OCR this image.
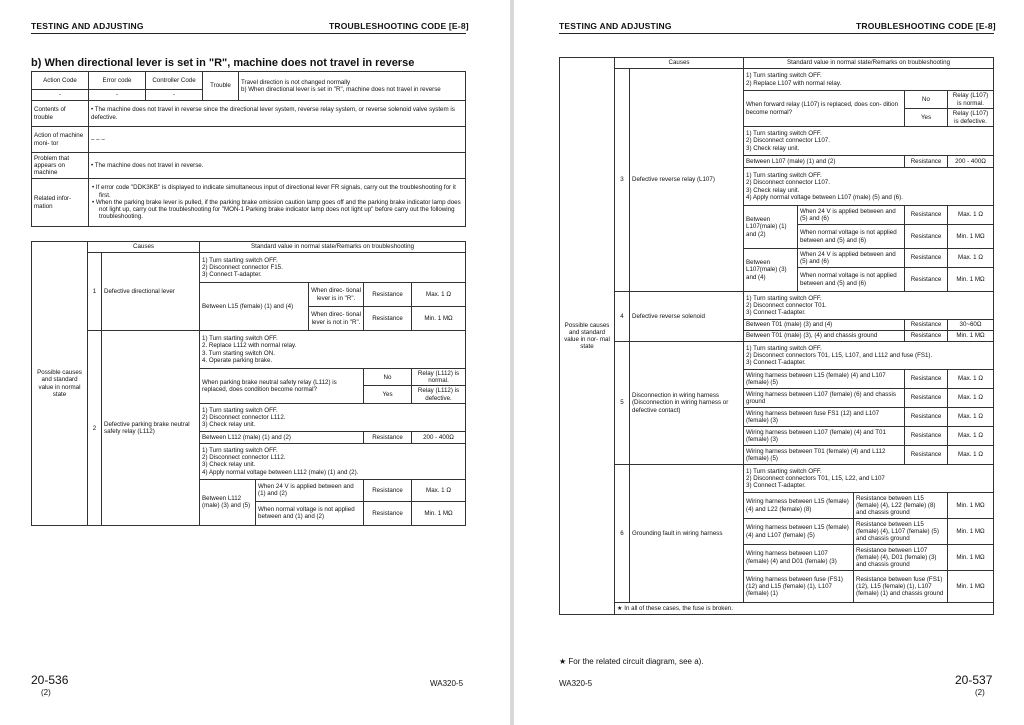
TESTING AND ADJUSTING	TROUBLESHOOTING CODE [E-8]
b) When directional lever is set in "R", machine does not travel in reverse
Action Code	Error code	Controller Code	Trouble	Travel direction is not changed normally
b) When directional lever is set in "R", machine does not travel in reverse
-	-	-		
Contents of trouble	• The machine does not travel in reverse since the directional lever system, reverse relay system, or reverse solenoid valve system is defective.			
Action of machine moni- tor	– – –			
Problem that appears on machine	• The machine does not travel in reverse.			
Related infor- mation	• If error code "DDK3KB" is displayed to indicate simultaneous input of directional lever FR signals, carry out the troubleshooting for it first.
• When the parking brake lever is pulled, if the parking brake omission caution lamp goes off and the parking brake indicator lamp does not light up, carry out the troubleshooting for "MON-1 Parking brake indicator lamp does not light up" before carry out the following troubleshooting.			
Possible causes and standard value in normal state	Causes		Standard value in normal state/Remarks on troubleshooting				
	1	Defective directional lever	1) Turn starting switch OFF.
2) Disconnect connector F15.
3) Connect T-adapter.				
			Between L15 (female) (1) and (4)		When direc- tional lever is in "R".	Resistance	Max. 1 Ω
					When direc- tional lever is not in "R".	Resistance	Min. 1 MΩ
	2	Defective parking brake neutral safety relay (L112)	1) Turn starting switch OFF.
2. Replace L112 with normal relay.
3. Turn starting switch ON.
4. Operate parking brake.				
			When parking brake neutral safety relay (L112) is replaced, does condition become normal?			No	Relay (L112) is normal.
						Yes	Relay (L112) is defective.
			1) Turn starting switch OFF.
2) Disconnect connector L112.
3) Check relay unit.				
			Between L112 (male) (1) and (2)			Resistance	200 - 400Ω
			1) Turn starting switch OFF.
2) Disconnect connector L112.
3) Check relay unit.
4) Apply normal voltage between L112 (male) (1) and (2).				
			Between L112 (male) (3) and (5)	When 24 V is applied between and (1) and (2)		Resistance	Max. 1 Ω
				When normal voltage is not applied between and (1) and (2)		Resistance	Min. 1 MΩ

20-536
(2)
WA320-5
TESTING AND ADJUSTING	TROUBLESHOOTING CODE [E-8]
Possible causes and standard value in nor- mal state	Causes		Standard value in normal state/Remarks on troubleshooting				
	3	Defective reverse relay (L107)	1) Turn starting switch OFF.
2) Replace L107 with normal relay.				
			When forward relay (L107) is replaced, does con- dition become normal?			No	Relay (L107) is normal.
						Yes	Relay (L107) is defective.
			1) Turn starting switch OFF.
2) Disconnect connector L107.
3) Check relay unit.				
			Between L107 (male) (1) and (2)			Resistance	200 - 400Ω
			1) Turn starting switch OFF.
2) Disconnect connector L107.
3) Check relay unit.
4) Apply normal voltage between L107 (male) (5) and (6).				
			Between L107(male) (1) and (2)	When 24 V is applied between and (5) and (6)		Resistance	Max. 1 Ω
				When normal voltage is not applied between and (5) and (6)		Resistance	Min. 1 MΩ
			Between L107(male) (3) and (4)	When 24 V is applied between and (5) and (6)		Resistance	Max. 1 Ω
				When normal voltage is not applied between and (5) and (6)		Resistance	Min. 1 MΩ
	4	Defective reverse solenoid	1) Turn starting switch OFF.
2) Disconnect connector T01.
3) Connect T-adapter.				
			Between T01 (male) (3) and (4)			Resistance	30~60Ω
			Between T01 (male) (3), (4) and chassis ground			Resistance	Min. 1 MΩ
	5	Disconnection in wiring harness (Disconnection in wiring harness or defective contact)	1) Turn starting switch OFF.
2) Disconnect connectors T01, L15, L107, and L112 and fuse (FS1).
3) Connect T-adapter.				
			Wiring harness between L15 (female) (4) and L107 (female) (5)			Resistance	Max. 1 Ω
			Wiring harness between L107 (female) (6) and chassis ground			Resistance	Max. 1 Ω
			Wiring harness between fuse FS1 (12) and L107 (female) (3)			Resistance	Max. 1 Ω
			Wiring harness between L107 (female) (4) and T01 (female) (3)			Resistance	Max. 1 Ω
			Wiring harness between T01 (female) (4) and L112 (female) (5)			Resistance	Max. 1 Ω
	6	Grounding fault in wiring harness	1) Turn starting switch OFF.
2) Disconnect connectors T01, L15, L22, and L107
3) Connect T-adapter.				
			Wiring harness between L15 (female) (4) and L22 (female) (8)		Resistance between L15 (female) (4), L22 (female) (8) and chassis ground		Min. 1 MΩ
			Wiring harness between L15 (female) (4) and L107 (female) (5)		Resistance between L15 (female) (4), L107 (female) (5) and chassis ground		Min. 1 MΩ
			Wiring harness between L107 (female) (4) and D01 (female) (3)		Resistance between L107 (female) (4), D01 (female) (3) and chassis ground		Min. 1 MΩ
			Wiring harness between fuse (FS1) (12) and L15 (female) (1), L107 (female) (1)		Resistance between fuse (FS1) (12), L15 (female) (1), L107 (female) (1) and chassis ground		Min. 1 MΩ
	★ In all of these cases, the fuse is broken.						
★ For the related circuit diagram, see a).
WA320-5	20-537
(2)
